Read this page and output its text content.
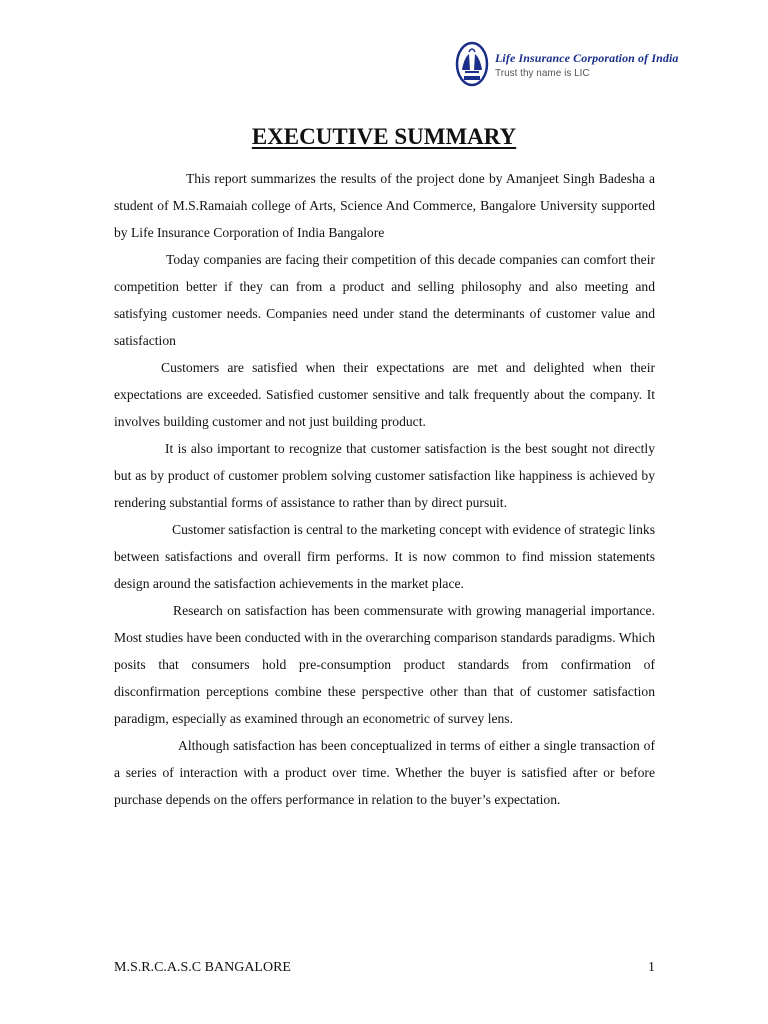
Life Insurance Corporation of India
Trust thy name is LIC
EXECUTIVE SUMMARY

This report summarizes the results of the project done by Amanjeet Singh Badesha a student of M.S.Ramaiah college of Arts, Science And Commerce, Bangalore University supported by Life Insurance Corporation of India Bangalore

Today companies are facing their competition of this decade companies can comfort their competition better if they can from a product and selling philosophy and also meeting and satisfying customer needs. Companies need under stand the determinants of customer value and satisfaction

Customers are satisfied when their expectations are met and delighted when their expectations are exceeded. Satisfied customer sensitive and talk frequently about the company. It involves building customer and not just building product.

It is also important to recognize that customer satisfaction is the best sought not directly but as by product of customer problem solving customer satisfaction like happiness is achieved by rendering substantial forms of assistance to rather than by direct pursuit.

Customer satisfaction is central to the marketing concept with evidence of strategic links between satisfactions and overall firm performs. It is now common to find mission statements design around the satisfaction achievements in the market place.

Research on satisfaction has been commensurate with growing managerial importance. Most studies have been conducted with in the overarching comparison standards paradigms. Which posits that consumers hold pre-consumption product standards from confirmation of disconfirmation perceptions combine these perspective other than that of customer satisfaction paradigm, especially as examined through an econometric of survey lens.

Although satisfaction has been conceptualized in terms of either a single transaction of a series of interaction with a product over time. Whether the buyer is satisfied after or before purchase depends on the offers performance in relation to the buyer’s expectation.

M.S.R.C.A.S.C BANGALORE	1
